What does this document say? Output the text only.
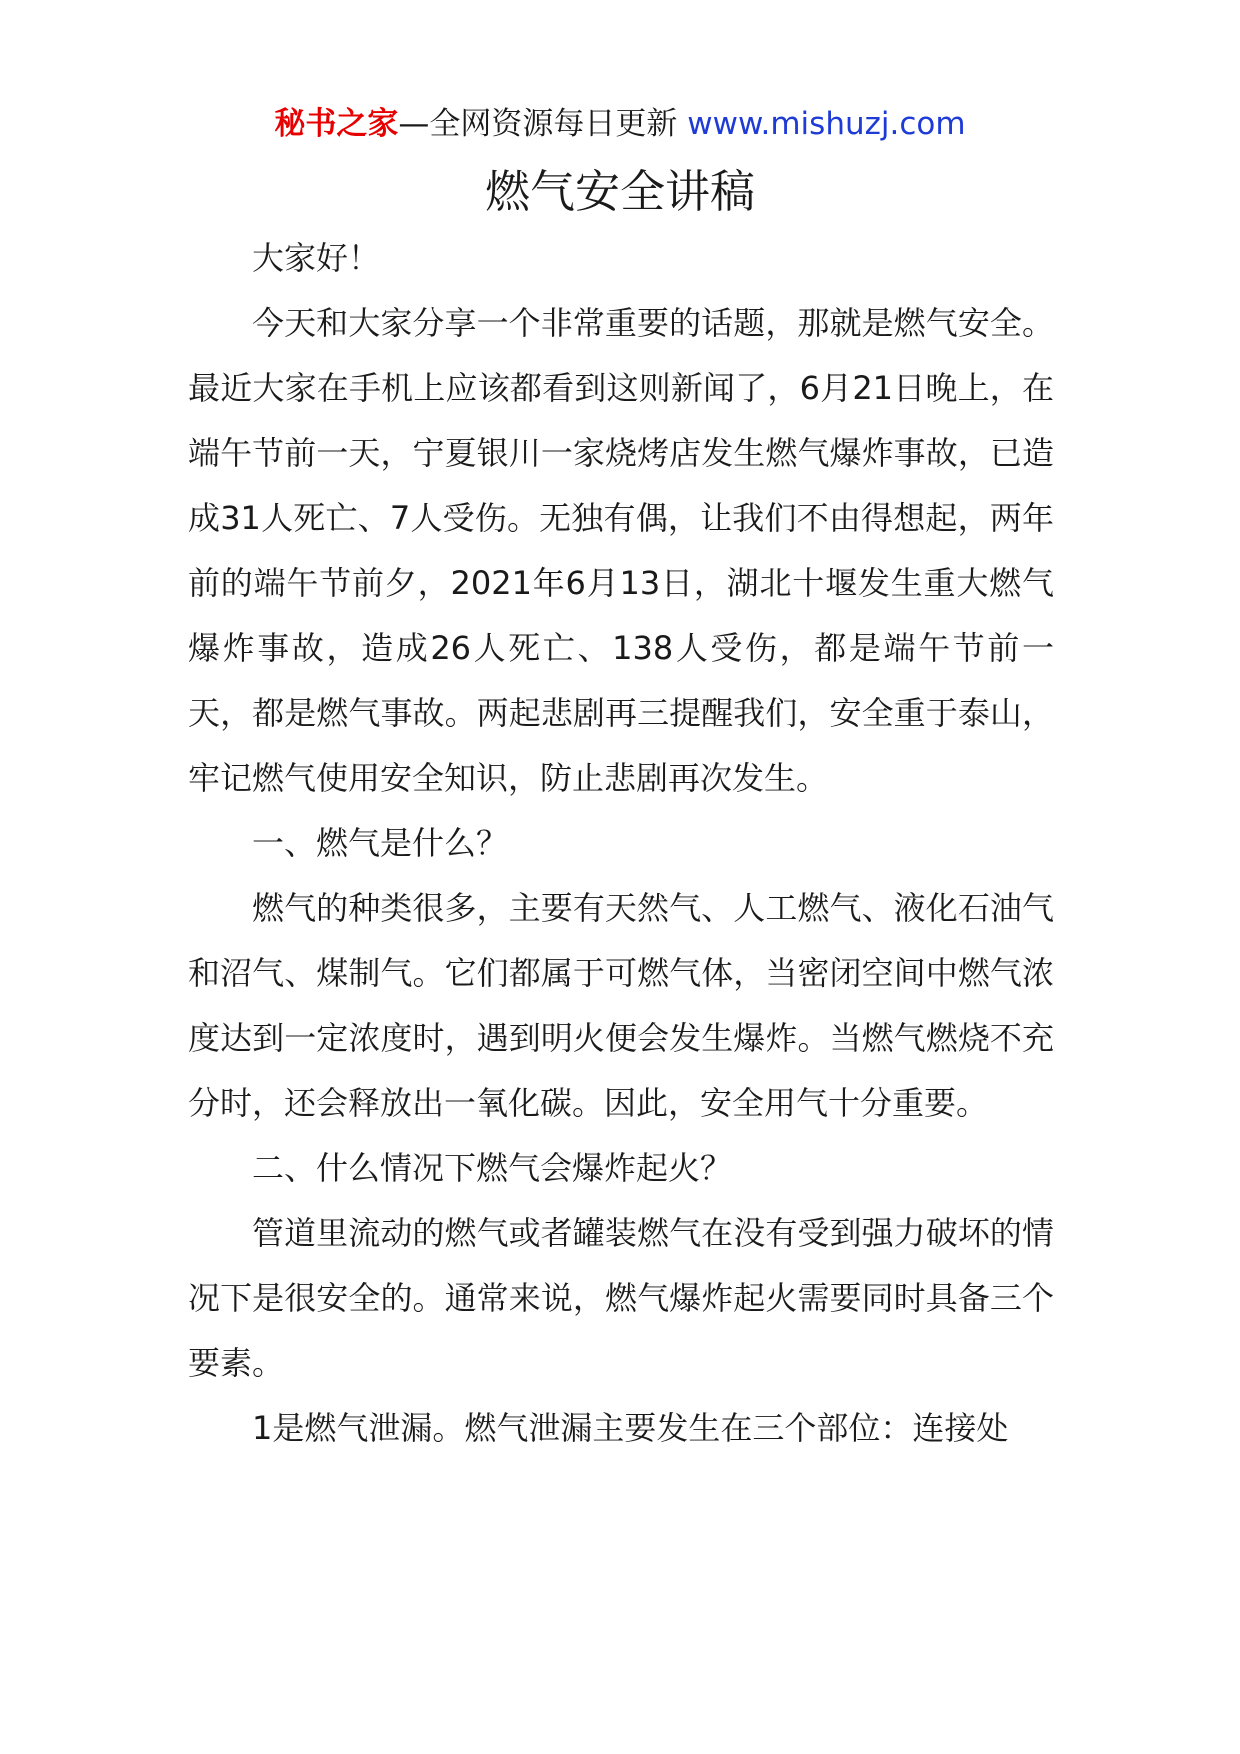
秘书之家—全网资源每日更新 www.mishuzj.com
燃气安全讲稿

大家好！

今天和大家分享一个非常重要的话题，那就是燃气安全。最近大家在手机上应该都看到这则新闻了，6月21日晚上，在端午节前一天，宁夏银川一家烧烤店发生燃气爆炸事故，已造成31人死亡、7人受伤。无独有偶，让我们不由得想起，两年前的端午节前夕，2021年6月13日，湖北十堰发生重大燃气爆炸事故，造成26人死亡、138人受伤，都是端午节前一天，都是燃气事故。两起悲剧再三提醒我们，安全重于泰山，牢记燃气使用安全知识，防止悲剧再次发生。

一、燃气是什么？

燃气的种类很多，主要有天然气、人工燃气、液化石油气和沼气、煤制气。它们都属于可燃气体，当密闭空间中燃气浓度达到一定浓度时，遇到明火便会发生爆炸。当燃气燃烧不充分时，还会释放出一氧化碳。因此，安全用气十分重要。

二、什么情况下燃气会爆炸起火？

管道里流动的燃气或者罐装燃气在没有受到强力破坏的情况下是很安全的。通常来说，燃气爆炸起火需要同时具备三个要素。

1是燃气泄漏。燃气泄漏主要发生在三个部位：连接处
